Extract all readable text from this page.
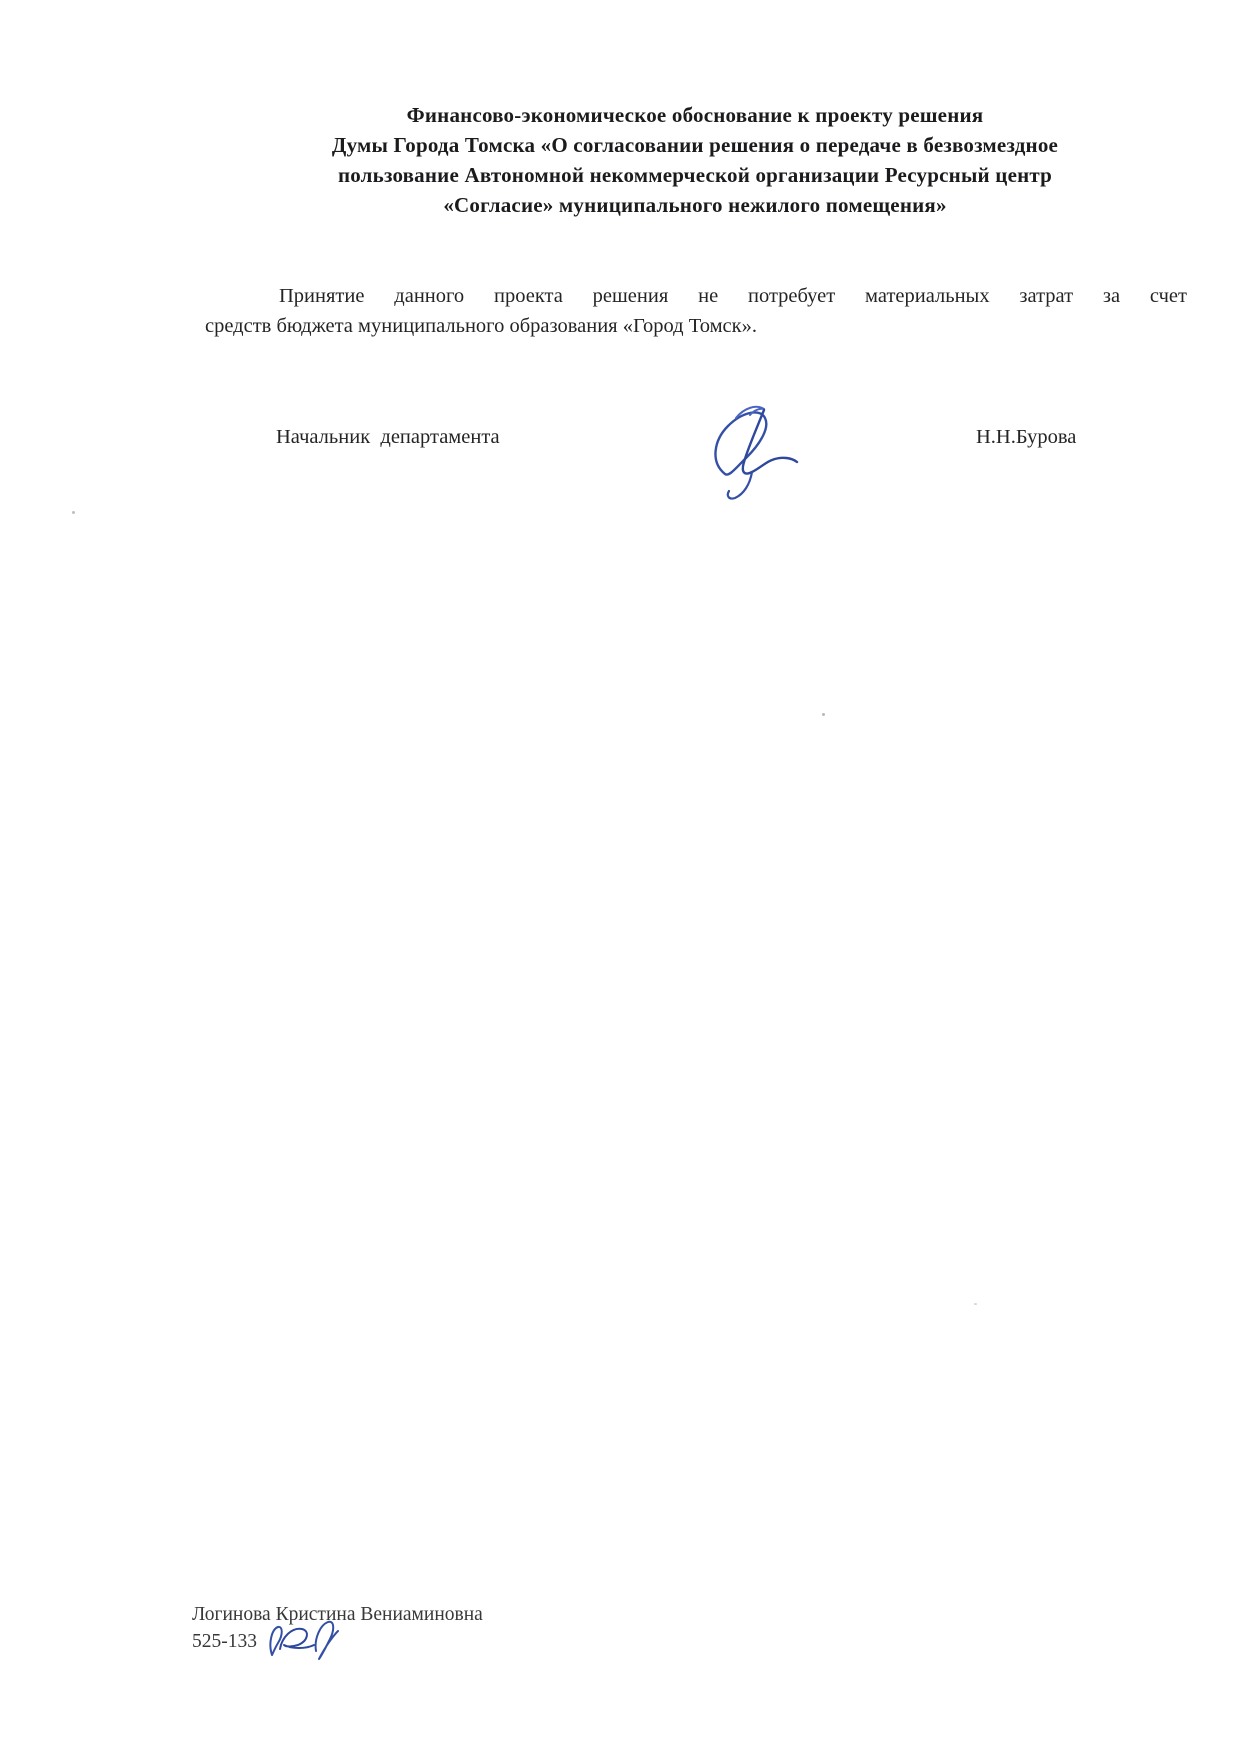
Финансово-экономическое обоснование к проекту решения
Думы Города Томска «О согласовании решения о передаче в безвозмездное
пользование Автономной некоммерческой организации Ресурсный центр
«Согласие» муниципального нежилого помещения»
Принятие данного проекта решения не потребует материальных затрат за счет
средств бюджета муниципального образования «Город Томск».
Начальник  департамента	Н.Н.Бурова
Логинова Кристина Вениаминовна
525-133
